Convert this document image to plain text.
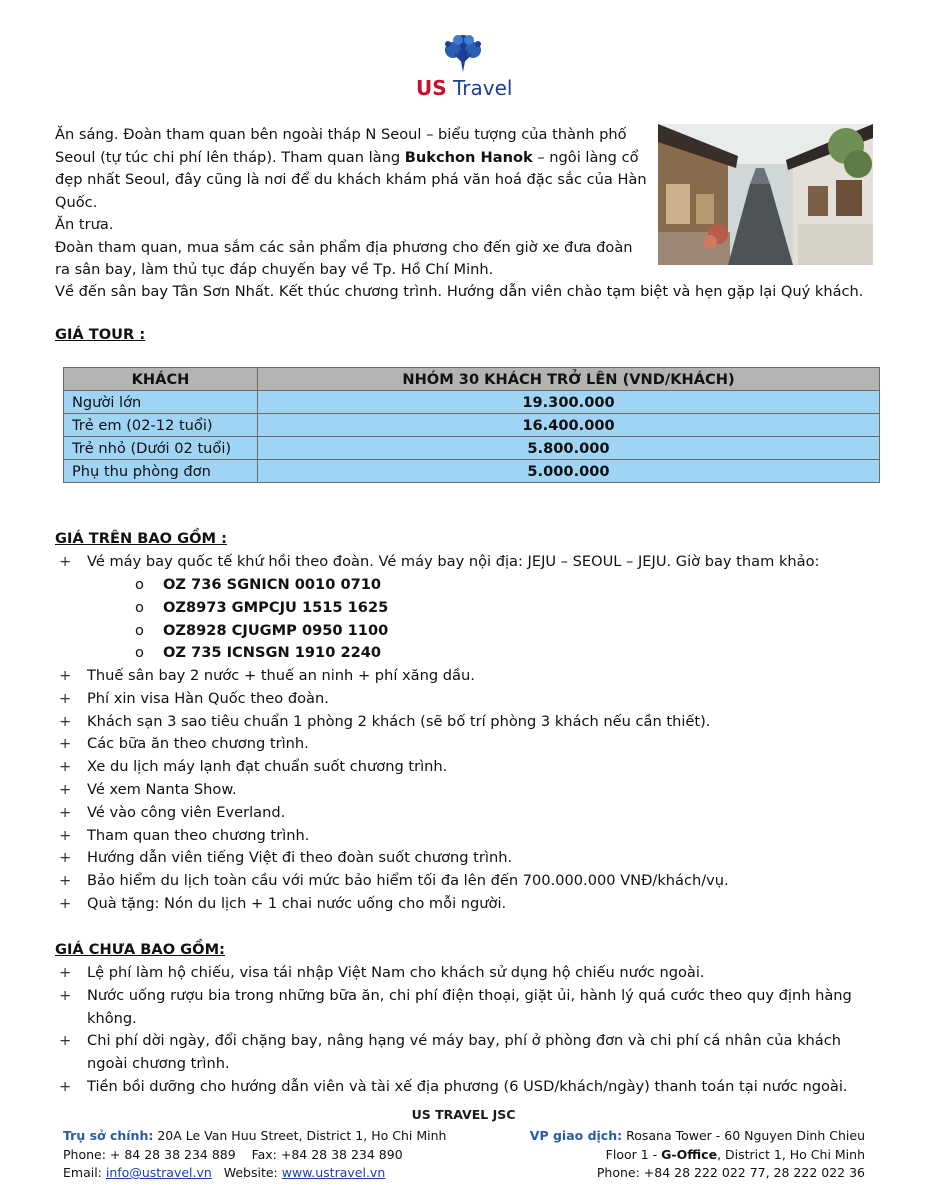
US Travel

Ăn sáng. Đoàn tham quan bên ngoài tháp N Seoul – biểu tượng của thành phố Seoul (tự túc chi phí lên tháp). Tham quan làng Bukchon Hanok – ngôi làng cổ đẹp nhất Seoul, đây cũng là nơi để du khách khám phá văn hoá đặc sắc của Hàn Quốc.

Ăn trưa.

Đoàn tham quan, mua sắm các sản phẩm địa phương cho đến giờ xe đưa đoàn ra sân bay, làm thủ tục đáp chuyến bay về Tp. Hồ Chí Minh.

Về đến sân bay Tân Sơn Nhất. Kết thúc chương trình. Hướng dẫn viên chào tạm biệt và hẹn gặp lại Quý khách.
GIÁ TOUR :
KHÁCH	NHÓM 30 KHÁCH TRỞ LÊN (VND/KHÁCH)
Người lớn	19.300.000
Trẻ em (02-12 tuổi)	16.400.000
Trẻ nhỏ (Dưới 02 tuổi)	5.800.000
Phụ thu phòng đơn	5.000.000
GIÁ TRÊN BAO GỒM :
+ Vé máy bay quốc tế khứ hồi theo đoàn. Vé máy bay nội địa: JEJU – SEOUL – JEJU. Giờ bay tham khảo:
o OZ 736 SGNICN 0010 0710
o OZ8973 GMPCJU 1515 1625
o OZ8928 CJUGMP 0950 1100
o OZ 735 ICNSGN 1910 2240
+ Thuế sân bay 2 nước + thuế an ninh + phí xăng dầu.
+ Phí xin visa Hàn Quốc theo đoàn.
+ Khách sạn 3 sao tiêu chuẩn 1 phòng 2 khách (sẽ bố trí phòng 3 khách nếu cần thiết).
+ Các bữa ăn theo chương trình.
+ Xe du lịch máy lạnh đạt chuẩn suốt chương trình.
+ Vé xem Nanta Show.
+ Vé vào công viên Everland.
+ Tham quan theo chương trình.
+ Hướng dẫn viên tiếng Việt đi theo đoàn suốt chương trình.
+ Bảo hiểm du lịch toàn cầu với mức bảo hiểm tối đa lên đến 700.000.000 VNĐ/khách/vụ.
+ Quà tặng: Nón du lịch + 1 chai nước uống cho mỗi người.
GIÁ CHƯA BAO GỒM:
+ Lệ phí làm hộ chiếu, visa tái nhập Việt Nam cho khách sử dụng hộ chiếu nước ngoài.
+ Nước uống rượu bia trong những bữa ăn, chi phí điện thoại, giặt ủi, hành lý quá cước theo quy định hàng không.
+ Chi phí dời ngày, đổi chặng bay, nâng hạng vé máy bay, phí ở phòng đơn và chi phí cá nhân của khách ngoài chương trình.
+ Tiền bồi dưỡng cho hướng dẫn viên và tài xế địa phương (6 USD/khách/ngày) thanh toán tại nước ngoài.
US TRAVEL JSC
Trụ sở chính: 20A Le Van Huu Street, District 1, Ho Chi Minh
Phone: + 84 28 38 234 889    Fax: +84 28 38 234 890
Email: info@ustravel.vn   Website: www.ustravel.vn
VP giao dịch: Rosana Tower - 60 Nguyen Dinh Chieu
Floor 1 - G-Office, District 1, Ho Chi Minh
Phone: +84 28 222 022 77, 28 222 022 36
